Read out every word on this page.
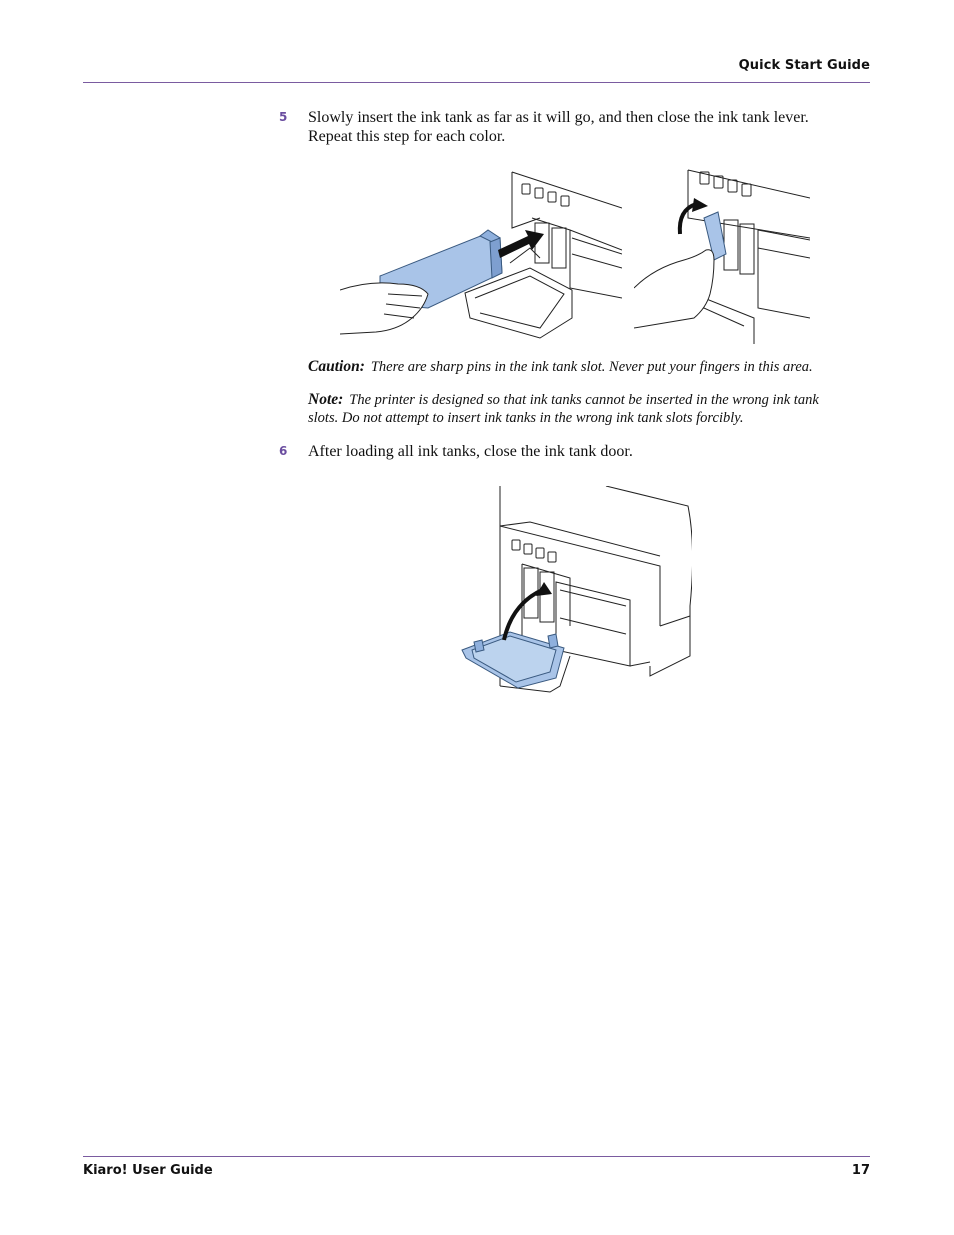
Quick Start Guide
5 Slowly insert the ink tank as far as it will go, and then close the ink tank lever.
Repeat this step for each color.
Caution: There are sharp pins in the ink tank slot. Never put your fingers in this area.
Note: The printer is designed so that ink tanks cannot be inserted in the wrong ink tank
slots. Do not attempt to insert ink tanks in the wrong ink tank slots forcibly.
6 After loading all ink tanks, close the ink tank door.
Kiaro! User Guide	17
